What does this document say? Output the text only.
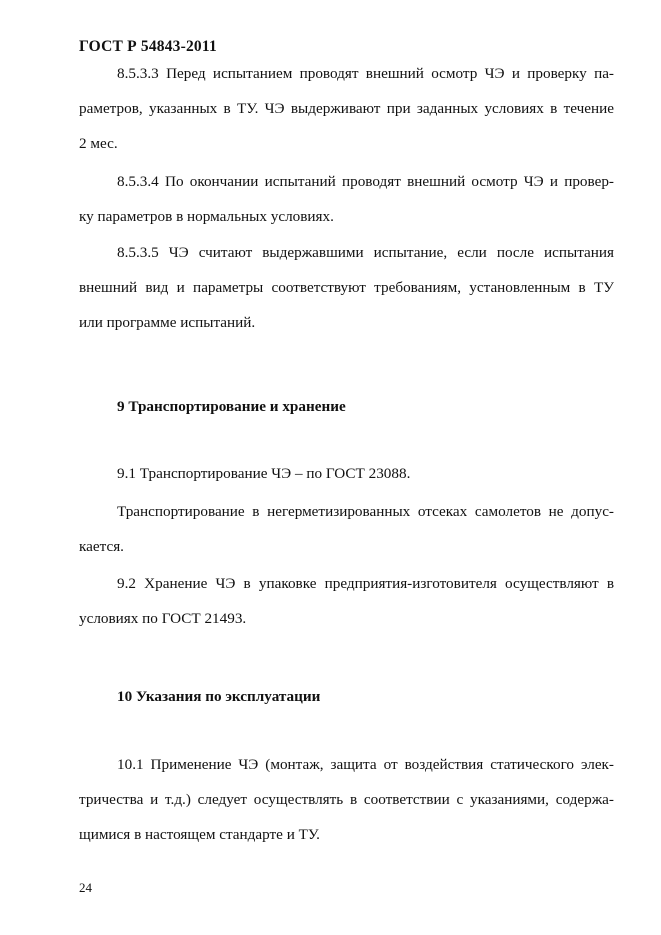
ГОСТ Р 54843-2011
8.5.3.3 Перед испытанием проводят внешний осмотр ЧЭ и проверку па-
раметров, указанных в ТУ. ЧЭ выдерживают при заданных условиях в течение
2 мес.
8.5.3.4 По окончании испытаний проводят внешний осмотр ЧЭ и провер-
ку параметров в нормальных условиях.
8.5.3.5 ЧЭ считают выдержавшими испытание, если после испытания
внешний вид и параметры соответствуют требованиям, установленным в ТУ
или программе испытаний.
9 Транспортирование и хранение
9.1 Транспортирование ЧЭ – по ГОСТ 23088.
Транспортирование в негерметизированных отсеках самолетов не допус-
кается.
9.2 Хранение ЧЭ в упаковке предприятия-изготовителя осуществляют в
условиях по ГОСТ 21493.
10 Указания по эксплуатации
10.1 Применение ЧЭ (монтаж, защита от воздействия статического элек-
тричества и т.д.) следует осуществлять в соответствии с указаниями, содержа-
щимися в настоящем стандарте и ТУ.
24
